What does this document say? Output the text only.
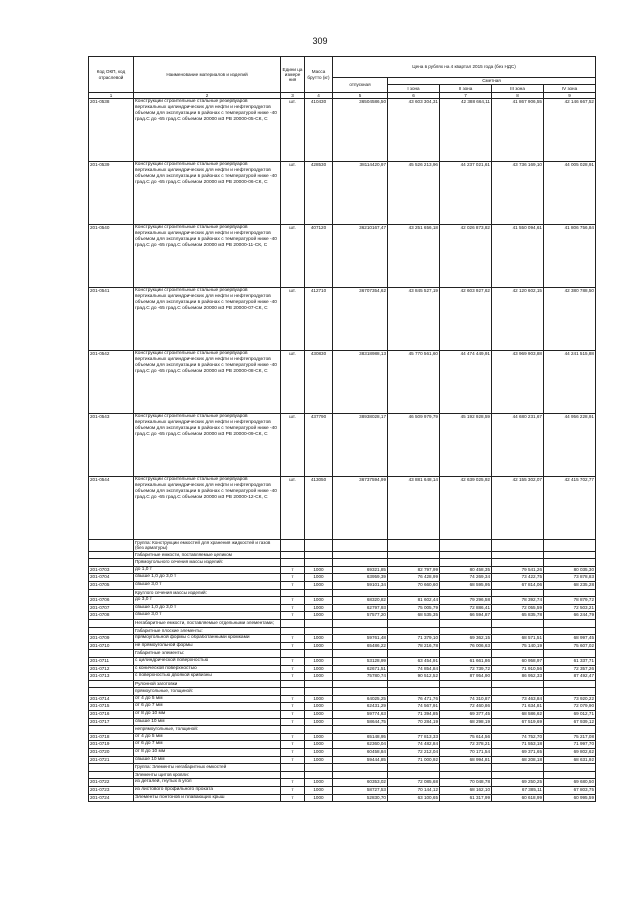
309
Код ОКП, код отраслевой	Наименование материалов и изделий	Едини ца измере ния	Масса брутто (кг)	Цена в рублях на 4 квартал 2015 года (без НДС)				
				отпускная	Сметная			
					I зона	II зона	III зона	IV зона
1	2	3	4	5	6	7	8	9
201-0538	Конструкции строительные стальные резервуаров вертикальных цилиндрических для нефти и нефтепродуктов объемом для эксплуатации в районах с температурой ниже -40 град.С до -65 град.С объемом 20000 м3 РВ 20000-05-СК, С	шт.	410430	36504586,50	43 603 304,31	42 388 664,11	41 867 906,55	42 146 667,52
201-0539	Конструкции строительные стальные резервуаров вертикальных цилиндрических для нефти и нефтепродуктов объемом для эксплуатации в районах с температурой ниже -40 град.С до -65 град.С объемом 20000 м3 РВ 20000-06-СК, С	шт.	428530	38114420,97	45 526 213,96	44 237 021,61	43 736 169,10	44 005 028,91
201-0540	Конструкции строительные стальные резервуаров вертикальных цилиндрических для нефти и нефтепродуктов объемом для эксплуатации в районах с температурой ниже -40 град.С до -65 град.С объемом 20000 м3 РВ 20000-11-СК, С	шт.	407120	36210167,47	43 251 656,18	42 026 873,82	41 550 094,61	41 806 756,84
201-0541	Конструкции строительные стальные резервуаров вертикальных цилиндрических для нефти и нефтепродуктов объемом для эксплуатации в районах с температурой ниже -40 град.С до -65 град.С объемом 20000 м3 РВ 20000-07-СК, С	шт.	412710	36707354,62	43 845 527,19	42 603 927,62	42 120 602,15	42 380 788,50
201-0542	Конструкции строительные стальные резервуаров вертикальных цилиндрических для нефти и нефтепродуктов объемом для эксплуатации в районах с температурой ниже -40 град.С до -65 град.С объемом 20000 м3 РВ 20000-08-СК, С	шт.	430830	38318988,13	45 770 561,60	44 474 449,91	43 969 903,88	44 241 515,88
201-0543	Конструкции строительные стальные резервуаров вертикальных цилиндрических для нефти и нефтепродуктов объемом для эксплуатации в районах с температурой ниже -40 град.С до -65 град.С объемом 20000 м3 РВ 20000-09-СК, С	шт.	437790	38938028,17	46 509 979,79	45 192 928,59	44 680 231,67	44 956 228,91
201-0544	Конструкции строительные стальные резервуаров вертикальных цилиндрических для нефти и нефтепродуктов объемом для эксплуатации в районах с температурой ниже -40 град.С до -65 град.С объемом 20000 м3 РВ 20000-12-СК, С	шт.	413050	36737594,99	43 881 648,14	42 639 025,92	42 155 302,07	42 415 702,77
	Группа: Конструкции емкостей для хранения жидкостей и газов (без арматуры)							
	Габаритные емкости, поставляемые целиком							
	Прямоугольного сечения массы изделий:							
201-0703	до 1,0 т	т	1000	69321,85	82 797,99	80 458,35	79 541,26	80 035,30
201-0704	свыше 1,0 до 3,0 т	т	1000	63959,39	76 428,99	74 269,34	73 422,75	73 878,83
201-0705	свыше 3,0 т	т	1000	59101,34	70 660,60	68 595,95	67 814,06	68 235,28
	Круглого сечения массы изделий:							
201-0706	до 3,0 т	т	1000	68320,82	81 602,44	79 296,58	78 392,74	78 879,72
201-0707	свыше 1,0 до 3,0 т	т	1000	62797,93	75 005,79	72 886,41	72 055,59	72 503,21
201-0708	свыше 3,0 т	т	1000	57577,20	68 535,35	66 594,87	65 835,78	66 244,79
	Негабаритные емкости, поставляемые отдельными элементами;							
	Габаритные плоские элементы:							
201-0709	прямоугольной формы с обработанными кромками	т	1000	59761,48	71 379,10	69 362,15	68 571,51	68 997,45
201-0710	не прямоугольной формы	т	1000	65486,22	78 216,78	76 006,63	75 140,19	75 607,02
	Габаритные элементы:							
201-0711	с цилиндрической поверхностью	т	1000	53128,99	63 454,91	61 661,86	60 958,97	61 337,71
201-0712	с конической поверхностью	т	1000	62671,51	74 854,84	72 739,72	71 910,56	72 357,26
201-0713	с поверхностью двоякой кривизны	т	1000	75780,74	90 512,52	87 954,90	86 952,33	87 492,47
	Рулонной заготовки							
	прямоугольные, толщиной:							
201-0714	от 4 до 5 мм	т	1000	64025,25	76 471,76	74 310,87	73 463,84	73 920,22
201-0715	от 6 до 7 мм	т	1000	62431,29	74 567,91	72 460,86	71 634,81	72 079,90
201-0716	от 8 до 10 мм	т	1000	59774,63	71 394,85	69 377,45	68 586,62	69 012,71
201-0717	свыше 10 мм	т	1000	58644,75	70 284,19	68 298,19	67 519,69	67 939,12
	непрямоугольные, толщиной:							
201-0718	от 4 до 5 мм	т	1000	65148,95	77 813,33	75 614,56	74 752,70	75 217,08
201-0719	от 6 до 7 мм	т	1000	62360,04	74 482,84	72 378,21	71 553,18	71 997,70
201-0720	от 8 до 10 мм	т	1000	60458,84	72 212,04	70 171,54	69 371,65	69 802,62
201-0721	свыше 10 мм	т	1000	59444,85	71 000,92	68 994,81	68 208,18	68 631,92
	Группа: Элементы негабаритных емкостей							
	Элементы щитов кровли:							
201-0722	из деталей, гнутых в угол	т	1000	60353,02	72 085,68	70 048,78	69 250,25	69 680,50
201-0723	из листового профильного проката	т	1000	58727,53	70 144,12	68 162,10	67 385,11	67 803,75
201-0724	Элементы понтонов и плавающих крыш	т	1000	52830,70	63 100,65	61 317,99	60 618,99	60 995,59
